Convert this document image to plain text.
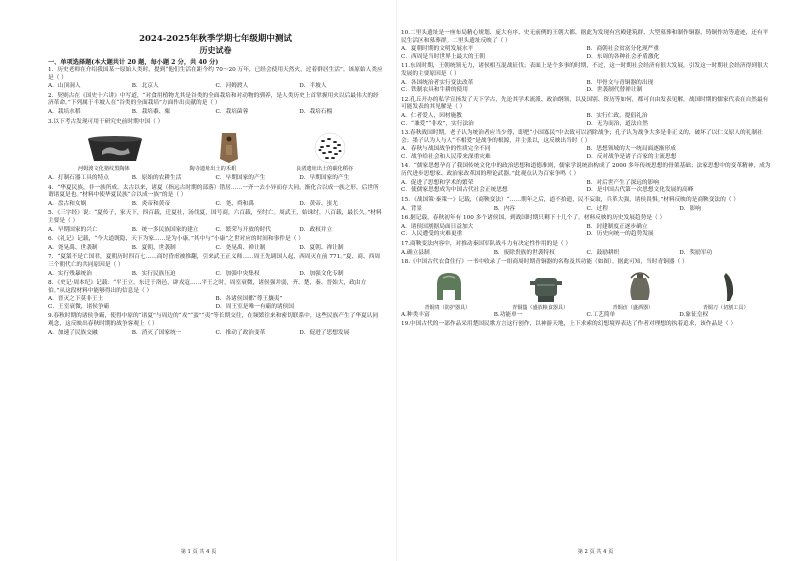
2024-2025年秋季学期七年级期中测试
历史试卷
一、单项选择题(本大题共计 20 题，每小题 2 分，共 40 分)
1．历史老师在介绍我国某一原始人类时，提到“他们生活在距今约 70～20 万年，已经会使用天然火，过着群居生活”。该原始人类应是（ ）
A．山顶洞人	B．北京人	C．河姆渡人	D．半坡人
2．契则古在《国史十六讲》中写道，“对食用植物尤其是谷类的全面栽培和对动物的驯养，是人类历史上首掌握用火以后最伟大的经济革命。”下列属于半坡人在“谷类的全面栽培”方面作出贡献的是（ ）
A．栽培水稻	B．栽培黍、粟	C．栽培菌蓉	D．栽培石榴
3.以下考古发现可用于研究史前时期中国（ ）
河姆渡文化猪纹黑陶钵	陶寺遗址出土的禾耜	良渚遗址出土的碳化稻谷
A．打制石器工具的特点	B．原始的农耕生活	C．早期国家的产生	D．早期国家的产生
4．“华夏民族，非一族所成。太古以来，诸夏（指远古时期的部落）错居……一齐一去小异而存大同，渐化合以成一族之形，后世所谓诸夏是也。”材料中使华夏民族“合以成一族”的是（ ）
A．盘古和女娲	B．炎帝和黄帝	C．尧、舜和禹	D．黄帝、蚩尤
5．《三字经》说：“夏传子，家天下，四百载，迁夏社，汤伐夏，国号商，六百载，至纣亡。周武王，始诛纣，八百载，最长久。”材料主要是（ ）
A．早期国家的兴亡	B．统一多民族国家的建立	C．繁荣与开放的时代	D．政权并立
6．《礼记》记载，“今大道既隐，天下为家……是为小康。”其中与“小康”之世对应的时间和事件是（ ）
A．尧晃禹、世袭制	B．夏朝、世袭制	C．尧晃禹、禅让制	D．夏朝、禅让制
7．“夏桀不是亡国君，夏朝历时四百七……商纣昏虐被推翻，引来武王正义师……周王先调国人起，西周灭在前 771。”夏、商、西周三个朝代亡的共同原因是（ ）
A．实行残暴统治	B．实行民族压迫	C．加强中央集权	D．加强文化专制
8．《史记·周本纪》记载：“平王立，东迁于洛邑，辟戎寇……平王之时，周室衰微，诸侯强并弱，齐、楚、秦、晋始大，政由方伯。”从这段材料中能够得出的信息是（ ）
A．晋灭之下莫非王土	B．各诸侯国都“尊王攘夷”
C．王室衰微，诸侯争霸	D．周王室是唯一有霸的诸侯国
9.春秋时期的诸侯争霸，使得中原的“诸夏”与周边的“戎”“蛮”“夷”等长期交往，在频繁往来和密切联系中，这些民族产生了华夏认同观念，这反映出春秋时期的战争客观上（ ）
A．加速了民族交融	B．消灭了国家统一	C．推动了政治变革	D．促进了思想发展
第 1 页 共 4 页
10.二里头遗址是一座布局精心规划、庞大有序、史无前例的王朝大都，据此为发现有宫殿建筑群、大型墓葬和制作铜器、铸铜作坊等遗迹，还有平民生活区和墓葬群。二里头遗址反映了（ ）
A．夏朝时期的文明发展水平	B．商朝社会贫富分化现严重
C．西周是当时世界上最大的王朝	D．东周的各种社会矛盾激化
11.东周时期，王朝统领无力，诸侯相互混战征伐；表面上是个多事的时期，不过，这一时期社会经济有很大发展，引发这一时期社会经济得到很大发展的主要原因是（ ）
A．各国统治者实行变法改革	B．甲骨文与青铜器的出现
C．铁制农具和牛耕的使用	D．世袭制代替禅让制
12.孔丘开办的私学宣扬发了天下学古，先论其学术流派、政治纲领，以及国别、资历等如何，都可自由发表见解，战国时期的儒家代表在自然最有可能发表的其见解是（ ）
A．仁者爱人，因材施教	B．实行仁政，提倡礼治
C．“兼爱”“非攻”，实行法治	D．无为而治，道法自然
13.春秋战国时期，老子认为统治者应当少尊，即把“小国寡民”中去致可以消除战争；孔子认为战争大多是非正义的，破坏了以仁义原人的礼制社会；墨子认为人与人“不相爱”是战争的根源，并主张以，这反映出当时（ ）
A．春秋与战国战争的性质完全不同	B．思想领域的大一统局面逐渐形成
C．战争给社会和人民带来深重灾难	D．反对战争是诸子百家的主流思想
14．“儒家思想孕育了我国传统文化中的政治思想和道德准则，儒家学说统治构成了 2000 多年传统思想的骨架基础；法家思想中的变革精神，成为历代进步思想家、政治家改革国的理论武器。”此观点认为百家争鸣（ ）
A．促进了思想和学术的繁荣	B．对后世产生了深远的影响
C．使儒家思想成为中国古代社会正统思想	D．是中国古代第一次思想文化发展的高峰
15．《战国策·秦策一》记载，（商鞅变法）“……期年之后，道不拾遗，民不妄取，兵革大强，诸侯畏惧。”材料反映的是商鞅变法的（ ）
A．背景	B．内容	C．过程	D．影响
16.据记载，春秋初年有 100 多个诸侯国，到战国时期只剩下十几个了。材料反映的历史发展趋势是（ ）
A．诸侯国割据局面日益加大	B．封建制度正逐步确立
C．人民遭受的灾难更重	D．历史向统一的趋势发展
17.商鞅变法内容中，对推动秦国军队战斗力有决定性作用的是（ ）
A.确立县制	B．废除贵族的世袭特权	C．鼓励耕织	D．奖励军功
18.《中国古代衣食住行》一书中收录了一组商周时期青铜器的名称及其功能（如图）。据此可知，当时青铜器（ ）
青铜胄（防护器具）	青铜簋（盛放粮食器具）	青铜卣（盛酒器）	青铜刀（切割工具）
A.种类丰富	B.功能单一	C.工艺简单	D.象征皇权
19.中国古代的一部作品采用楚国民歌方言这行创作，以神游天地，上下求索的幻想境界表达了作者对理想的执着追求，该作品是（ ）
第 2 页 共 4 页
